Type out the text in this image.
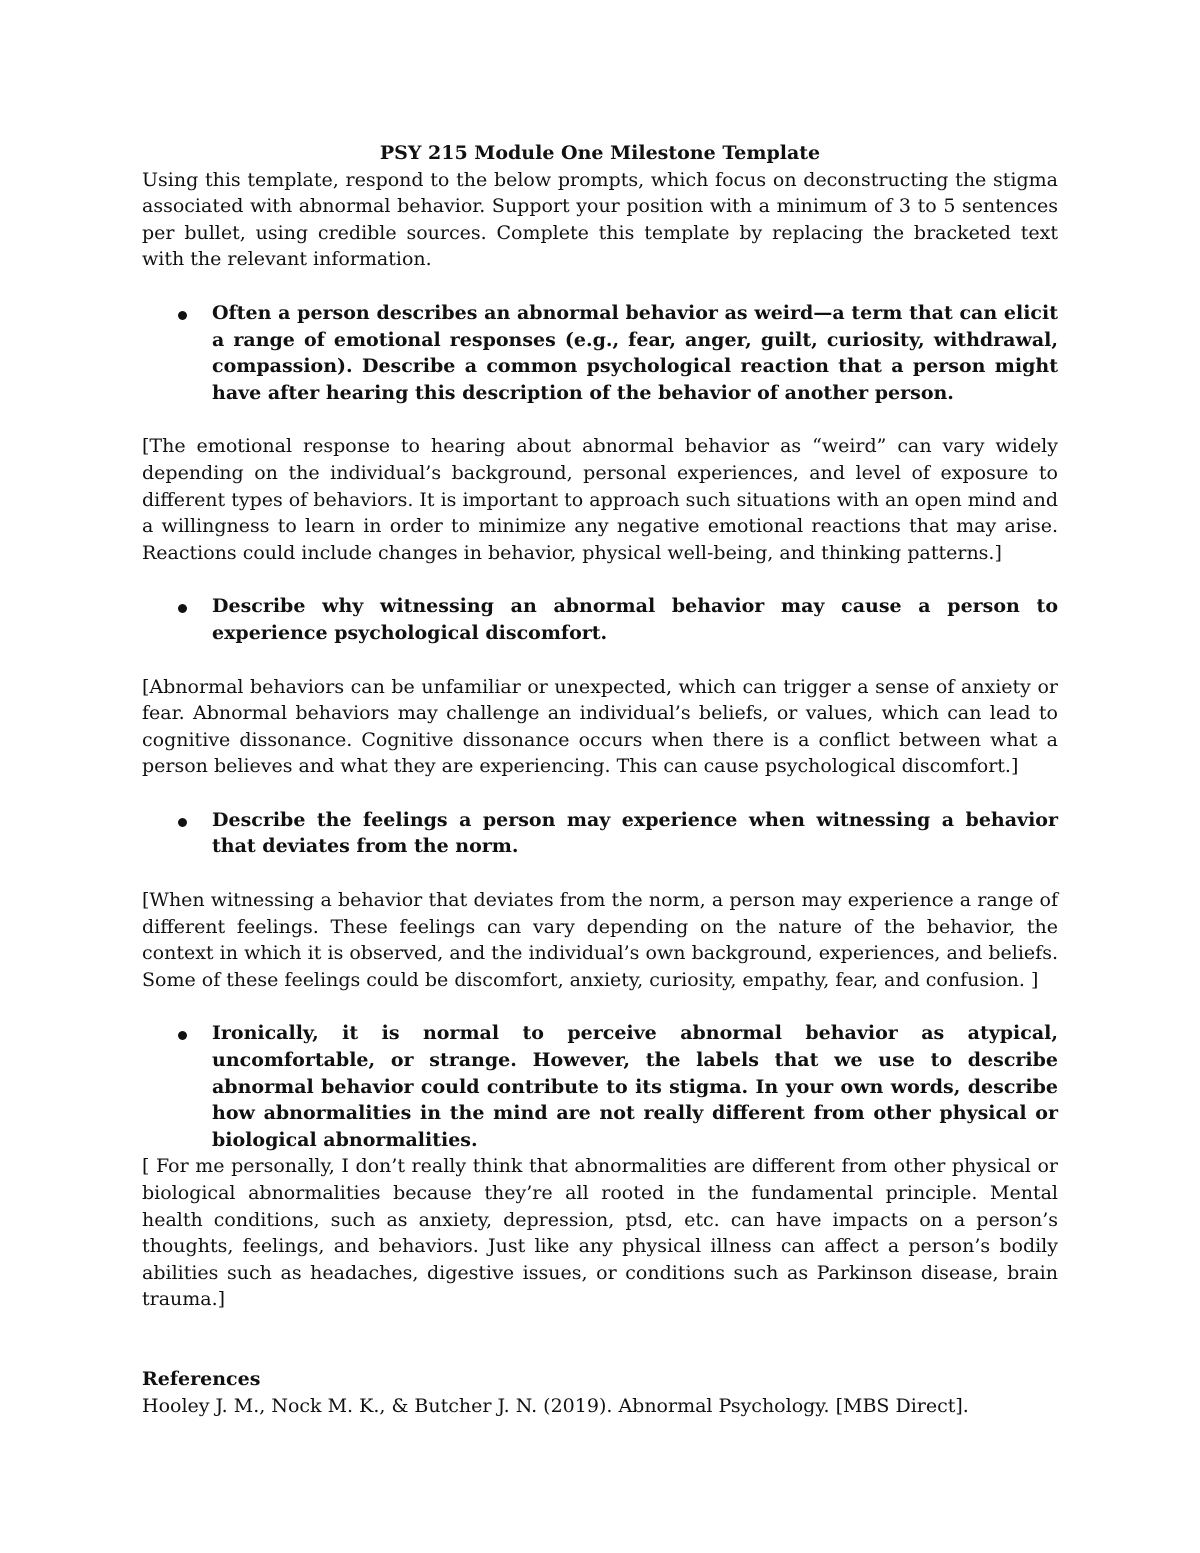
PSY 215 Module One Milestone Template

Using this template, respond to the below prompts, which focus on deconstructing the stigma associated with abnormal behavior. Support your position with a minimum of 3 to 5 sentences per bullet, using credible sources. Complete this template by replacing the bracketed text with the relevant information.

Often a person describes an abnormal behavior as weird—a term that can elicit a range of emotional responses (e.g., fear, anger, guilt, curiosity, withdrawal, compassion). Describe a common psychological reaction that a person might have after hearing this description of the behavior of another person.

[The emotional response to hearing about abnormal behavior as “weird” can vary widely depending on the individual’s background, personal experiences, and level of exposure to different types of behaviors. It is important to approach such situations with an open mind and a willingness to learn in order to minimize any negative emotional reactions that may arise. Reactions could include changes in behavior, physical well-being, and thinking patterns.]

Describe why witnessing an abnormal behavior may cause a person to experience psychological discomfort.

[Abnormal behaviors can be unfamiliar or unexpected, which can trigger a sense of anxiety or fear. Abnormal behaviors may challenge an individual’s beliefs, or values, which can lead to cognitive dissonance. Cognitive dissonance occurs when there is a conflict between what a person believes and what they are experiencing. This can cause psychological discomfort.]

Describe the feelings a person may experience when witnessing a behavior that deviates from the norm.

[When witnessing a behavior that deviates from the norm, a person may experience a range of different feelings. These feelings can vary depending on the nature of the behavior, the context in which it is observed, and the individual’s own background, experiences, and beliefs. Some of these feelings could be discomfort, anxiety, curiosity, empathy, fear, and confusion. ]

Ironically, it is normal to perceive abnormal behavior as atypical, uncomfortable, or strange. However, the labels that we use to describe abnormal behavior could contribute to its stigma. In your own words, describe how abnormalities in the mind are not really different from other physical or biological abnormalities.

[ For me personally, I don’t really think that abnormalities are different from other physical or biological abnormalities because they’re all rooted in the fundamental principle. Mental health conditions, such as anxiety, depression, ptsd, etc. can have impacts on a person’s thoughts, feelings, and behaviors. Just like any physical illness can affect a person’s bodily abilities such as headaches, digestive issues, or conditions such as Parkinson disease, brain trauma.]

References

Hooley J. M., Nock M. K., & Butcher J. N. (2019). Abnormal Psychology. [MBS Direct].
